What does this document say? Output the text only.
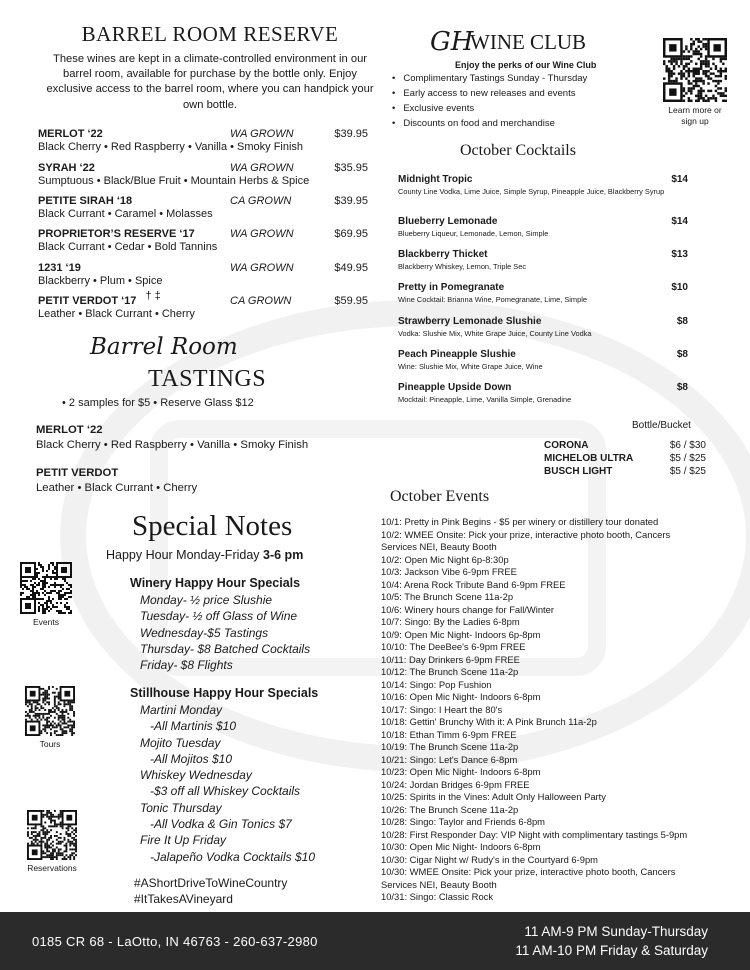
BARREL ROOM RESERVE
These wines are kept in a climate-controlled environment in our barrel room, available for purchase by the bottle only. Enjoy exclusive access to the barrel room, where you can handpick your own bottle.
MERLOT ‘22	WA GROWN	$39.95
Black Cherry • Red Raspberry • Vanilla • Smoky Finish
SYRAH ‘22	WA GROWN	$35.95
Sumptuous • Black/Blue Fruit • Mountain Herbs & Spice
PETITE SIRAH ‘18	CA GROWN	$39.95
Black Currant • Caramel • Molasses
PROPRIETOR’S RESERVE ‘17	WA GROWN	$69.95
Black Currant • Cedar • Bold Tannins
1231 ‘19	WA GROWN	$49.95
Blackberry • Plum • Spice
PETIT VERDOT ‘17 † ‡	CA GROWN	$59.95
Leather • Black Currant • Cherry
Barrel Room
TASTINGS
• 2 samples for $5 • Reserve Glass $12
MERLOT ‘22
Black Cherry • Red Raspberry • Vanilla • Smoky Finish
PETIT VERDOT
Leather • Black Currant • Cherry
Special Notes
Happy Hour Monday-Friday 3-6 pm
Winery Happy Hour Specials
Monday- ½ price Slushie
Tuesday- ½ off Glass of Wine
Wednesday-$5 Tastings
Thursday- $8 Batched Cocktails
Friday- $8 Flights
Stillhouse Happy Hour Specials
Martini Monday
-All Martinis $10
Mojito Tuesday
-All Mojitos $10
Whiskey Wednesday
-$3 off all Whiskey Cocktails
Tonic Thursday
-All Vodka & Gin Tonics $7
Fire It Up Friday
-Jalapeño Vodka Cocktails $10
#AShortDriveToWineCountry
#ItTakesAVineyard
Events
Tours
Reservations
GH
WINE CLUB
Enjoy the perks of our Wine Club
• Complimentary Tastings Sunday - Thursday
• Early access to new releases and events
• Exclusive events
• Discounts on food and merchandise
Learn more or sign up
October Cocktails
Midnight Tropic	$14
County Line Vodka, Lime Juice, Simple Syrup, Pineapple Juice, Blackberry Syrup
Blueberry Lemonade	$14
Blueberry Liqueur, Lemonade, Lemon, Simple
Blackberry Thicket	$13
Blackberry Whiskey, Lemon, Triple Sec
Pretty in Pomegranate	$10
Wine Cocktail: Brianna Wine, Pomegranate, Lime, Simple
Strawberry Lemonade Slushie	$8
Vodka: Slushie Mix, White Grape Juice, County Line Vodka
Peach Pineapple Slushie	$8
Wine: Slushie Mix, White Grape Juice, Wine
Pineapple Upside Down	$8
Mocktail: Pineapple, Lime, Vanilla Simple, Grenadine
Bottle/Bucket
CORONA	$6 / $30
MICHELOB ULTRA	$5 / $25
BUSCH LIGHT	$5 / $25
October Events
10/1: Pretty in Pink Begins - $5 per winery or distillery tour donated
10/2: WMEE Onsite: Pick your prize, interactive photo booth, Cancers Services NEI, Beauty Booth
10/2: Open Mic Night 6p-8:30p
10/3: Jackson Vibe 6-9pm FREE
10/4: Arena Rock Tribute Band 6-9pm FREE
10/5: The Brunch Scene 11a-2p
10/6: Winery hours change for Fall/Winter
10/7: Singo: By the Ladies 6-8pm
10/9: Open Mic Night- Indoors 6p-8pm
10/10: The DeeBee's 6-9pm FREE
10/11: Day Drinkers 6-9pm FREE
10/12: The Brunch Scene 11a-2p
10/14: Singo: Pop Fushion
10/16: Open Mic Night- Indoors 6-8pm
10/17: Singo: I Heart the 80's
10/18: Gettin' Brunchy With it: A Pink Brunch 11a-2p
10/18: Ethan Timm 6-9pm FREE
10/19: The Brunch Scene 11a-2p
10/21: Singo: Let's Dance 6-8pm
10/23: Open Mic Night- Indoors 6-8pm
10/24: Jordan Bridges 6-9pm FREE
10/25: Spirits in the Vines: Adult Only Halloween Party
10/26: The Brunch Scene 11a-2p
10/28: Singo: Taylor and Friends 6-8pm
10/28: First Responder Day: VIP Night with complimentary tastings 5-9pm
10/30: Open Mic Night- Indoors 6-8pm
10/30: Cigar Night w/ Rudy's in the Courtyard 6-9pm
10/30: WMEE Onsite: Pick your prize, interactive photo booth, Cancers Services NEI, Beauty Booth
10/31: Singo: Classic Rock
0185 CR 68 - LaOtto, IN 46763 - 260-637-2980
11 AM-9 PM Sunday-Thursday
11 AM-10 PM Friday & Saturday
